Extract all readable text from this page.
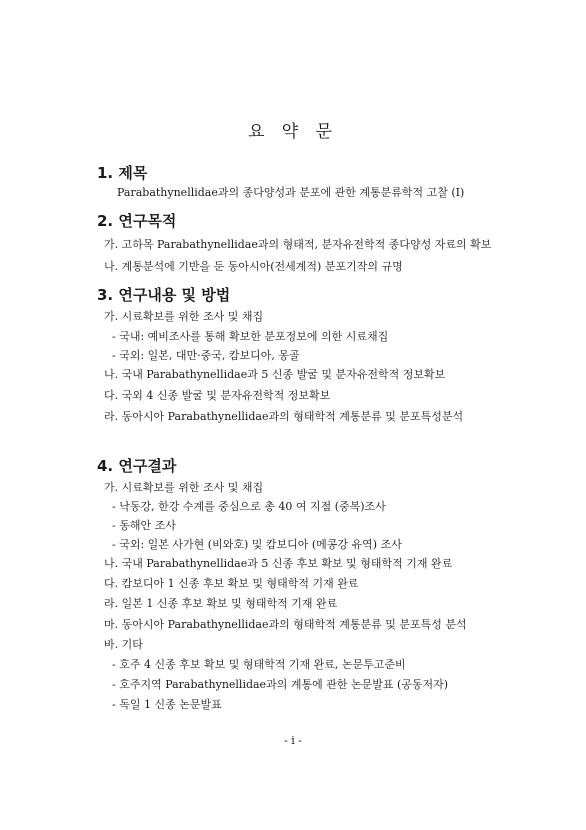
요 약 문
1. 제목
Parabathynellidae과의 종다양성과 분포에 관한 계통분류학적 고찰 (I)
2. 연구목적
가. 고하목 Parabathynellidae과의 형태적, 분자유전학적 종다양성 자료의 확보
나. 계통분석에 기반을 둔 동아시아(전세계적) 분포기작의 규명
3. 연구내용 및 방법
가. 시료확보를 위한 조사 및 채집
- 국내: 예비조사를 통해 확보한 분포정보에 의한 시료채집
- 국외: 일본, 대만·중국, 캄보디아, 몽골
나. 국내 Parabathynellidae과 5 신종 발굴 및 분자유전학적 정보확보
다. 국외 4 신종 발굴 및 분자유전학적 정보확보
라. 동아시아 Parabathynellidae과의 형태학적 계통분류 및 분포특성분석
4. 연구결과
가. 시료확보를 위한 조사 및 채집
- 낙동강, 한강 수계를 중심으로 총 40 여 지점 (중복)조사
- 동해안 조사
- 국외: 일본 사가현 (비와호) 및 캄보디아 (메콩강 유역) 조사
나. 국내 Parabathynellidae과 5 신종 후보 확보 및 형태학적 기재 완료
다. 캄보디아 1 신종 후보 확보 및 형태학적 기재 완료
라. 일본 1 신종 후보 확보 및 형태학적 기재 완료
마. 동아시아 Parabathynellidae과의 형태학적 계통분류 및 분포특성 분석
바. 기타
- 호주 4 신종 후보 확보 및 형태학적 기재 완료, 논문투고준비
- 호주지역 Parabathynellidae과의 계통에 관한 논문발표 (공동저자)
- 독일 1 신종 논문발표
- i -
